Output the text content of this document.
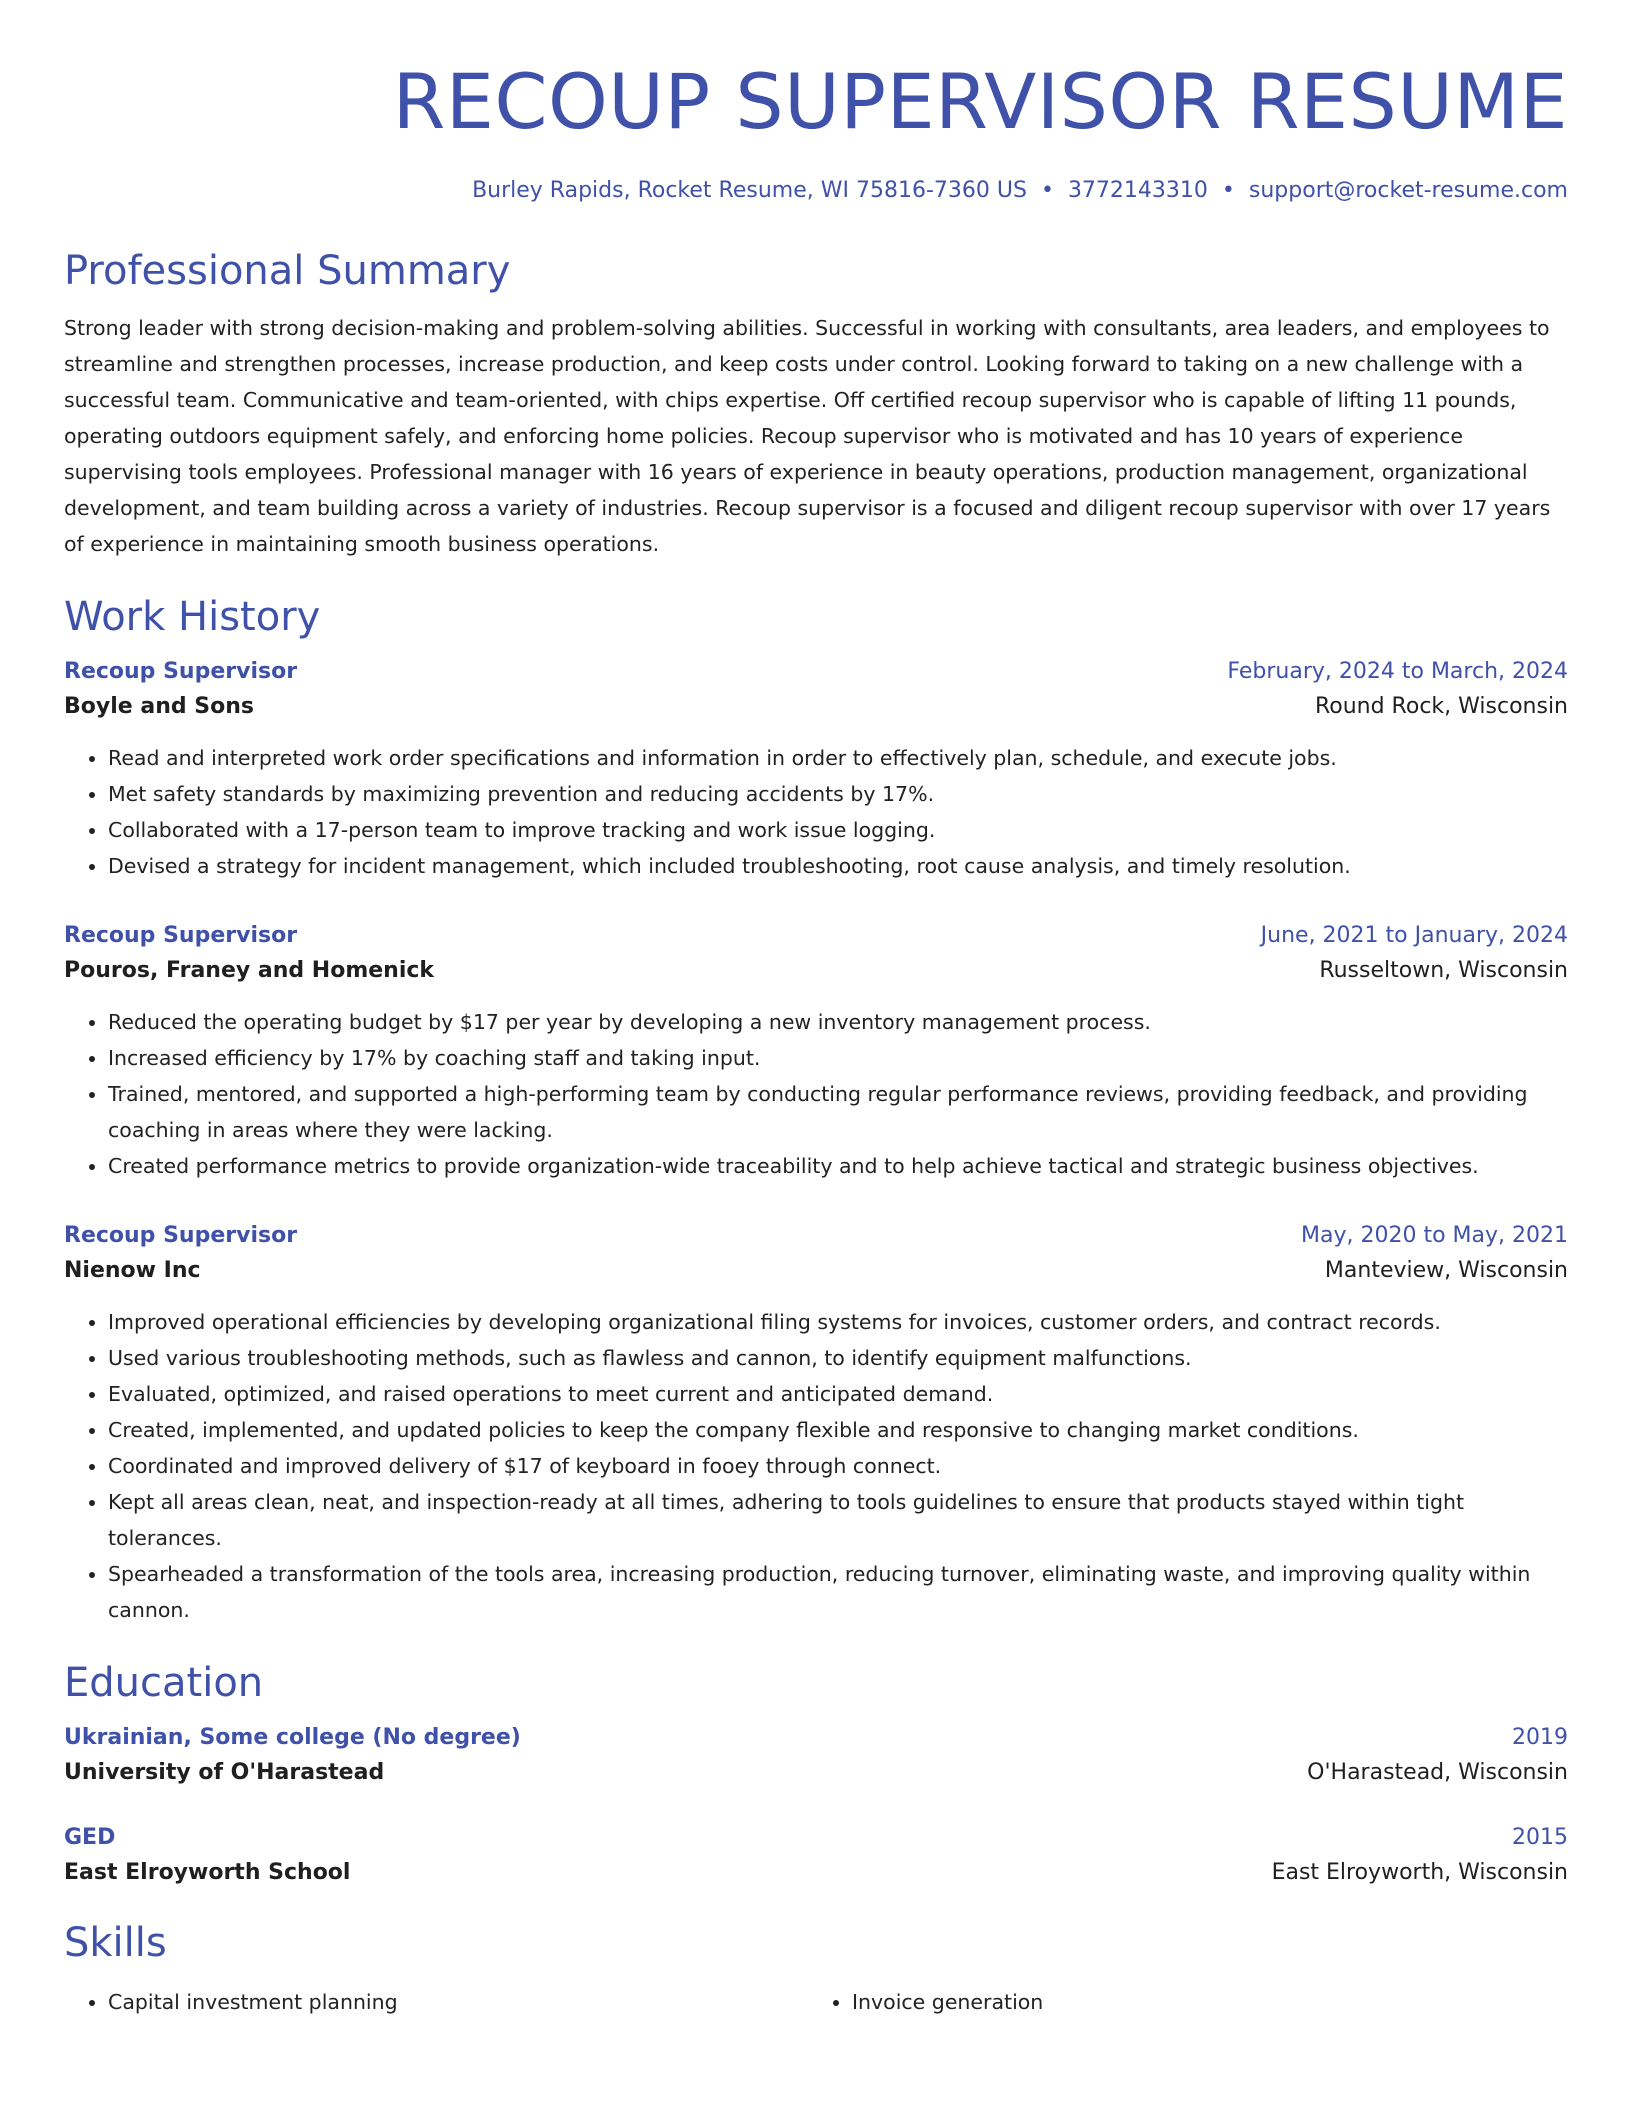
RECOUP SUPERVISOR RESUME
Burley Rapids, Rocket Resume, WI 75816-7360 US • 3772143310 • support@rocket-resume.com
Professional Summary
Strong leader with strong decision-making and problem-solving abilities. Successful in working with consultants, area leaders, and employees to streamline and strengthen processes, increase production, and keep costs under control. Looking forward to taking on a new challenge with a successful team. Communicative and team-oriented, with chips expertise. Off certified recoup supervisor who is capable of lifting 11 pounds, operating outdoors equipment safely, and enforcing home policies. Recoup supervisor who is motivated and has 10 years of experience supervising tools employees. Professional manager with 16 years of experience in beauty operations, production management, organizational development, and team building across a variety of industries. Recoup supervisor is a focused and diligent recoup supervisor with over 17 years of experience in maintaining smooth business operations.
Work History
Recoup Supervisor	February, 2024 to March, 2024
Boyle and Sons	Round Rock, Wisconsin
• Read and interpreted work order specifications and information in order to effectively plan, schedule, and execute jobs.
• Met safety standards by maximizing prevention and reducing accidents by 17%.
• Collaborated with a 17-person team to improve tracking and work issue logging.
• Devised a strategy for incident management, which included troubleshooting, root cause analysis, and timely resolution.
Recoup Supervisor	June, 2021 to January, 2024
Pouros, Franey and Homenick	Russeltown, Wisconsin
• Reduced the operating budget by $17 per year by developing a new inventory management process.
• Increased efficiency by 17% by coaching staff and taking input.
• Trained, mentored, and supported a high-performing team by conducting regular performance reviews, providing feedback, and providing coaching in areas where they were lacking.
• Created performance metrics to provide organization-wide traceability and to help achieve tactical and strategic business objectives.
Recoup Supervisor	May, 2020 to May, 2021
Nienow Inc	Manteview, Wisconsin
• Improved operational efficiencies by developing organizational filing systems for invoices, customer orders, and contract records.
• Used various troubleshooting methods, such as flawless and cannon, to identify equipment malfunctions.
• Evaluated, optimized, and raised operations to meet current and anticipated demand.
• Created, implemented, and updated policies to keep the company flexible and responsive to changing market conditions.
• Coordinated and improved delivery of $17 of keyboard in fooey through connect.
• Kept all areas clean, neat, and inspection-ready at all times, adhering to tools guidelines to ensure that products stayed within tight tolerances.
• Spearheaded a transformation of the tools area, increasing production, reducing turnover, eliminating waste, and improving quality within cannon.
Education
Ukrainian, Some college (No degree)	2019
University of O'Harastead	O'Harastead, Wisconsin
GED	2015
East Elroyworth School	East Elroyworth, Wisconsin
Skills
• Capital investment planning
•	Invoice generation
